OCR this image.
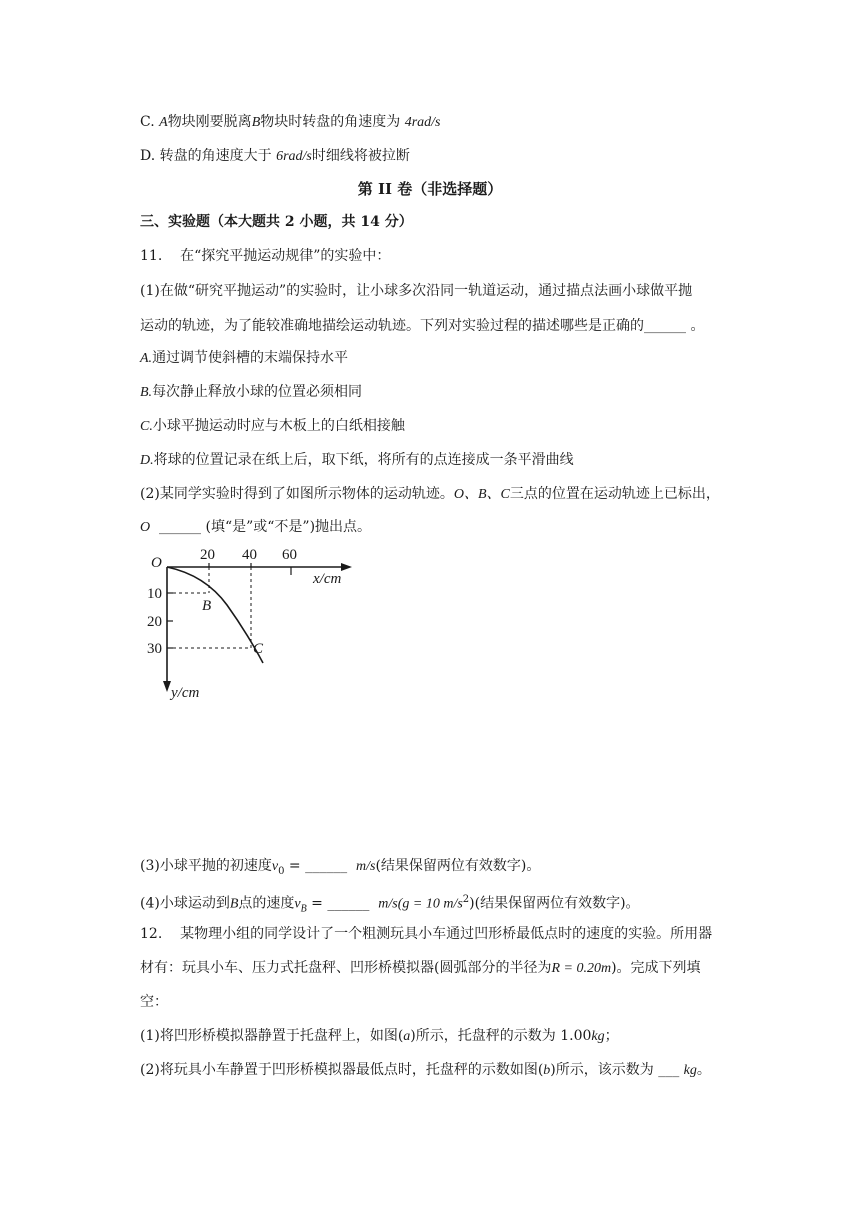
C. A物块刚要脱离B物块时转盘的角速度为 4rad/s
D. 转盘的角速度大于 6rad/s时细线将被拉断
第 II 卷（非选择题）
三、实验题（本大题共 2 小题，共 14 分）
11. 在“探究平抛运动规律”的实验中：
(1)在做“研究平抛运动”的实验时，让小球多次沿同一轨道运动，通过描点法画小球做平抛
运动的轨迹，为了能较准确地描绘运动轨迹。下列对实验过程的描述哪些是正确的______ 。
A.通过调节使斜槽的末端保持水平
B.每次静止释放小球的位置必须相同
C.小球平抛运动时应与木板上的白纸相接触
D.将球的位置记录在纸上后，取下纸，将所有的点连接成一条平滑曲线
(2)某同学实验时得到了如图所示物体的运动轨迹。O、B、C三点的位置在运动轨迹上已标出，
O ______ (填“是”或“不是”)抛出点。
O	20 40 60
x/cm
10
20
30
y/cm
B
C
(3)小球平抛的初速度$v_0$ = ______  m/s(结果保留两位有效数字)。
(4)小球运动到B点的速度$v_B$ = ______  m/s(g = 10 $m/s^2$)(结果保留两位有效数字)。
12. 某物理小组的同学设计了一个粗测玩具小车通过凹形桥最低点时的速度的实验。所用器
材有：玩具小车、压力式托盘秤、凹形桥模拟器(圆弧部分的半径为R = 0.20m)。完成下列填
空：
(1)将凹形桥模拟器静置于托盘秤上，如图(a)所示，托盘秤的示数为 1.00kg；
(2)将玩具小车静置于凹形桥模拟器最低点时，托盘秤的示数如图(b)所示，该示数为 ___ kg。
